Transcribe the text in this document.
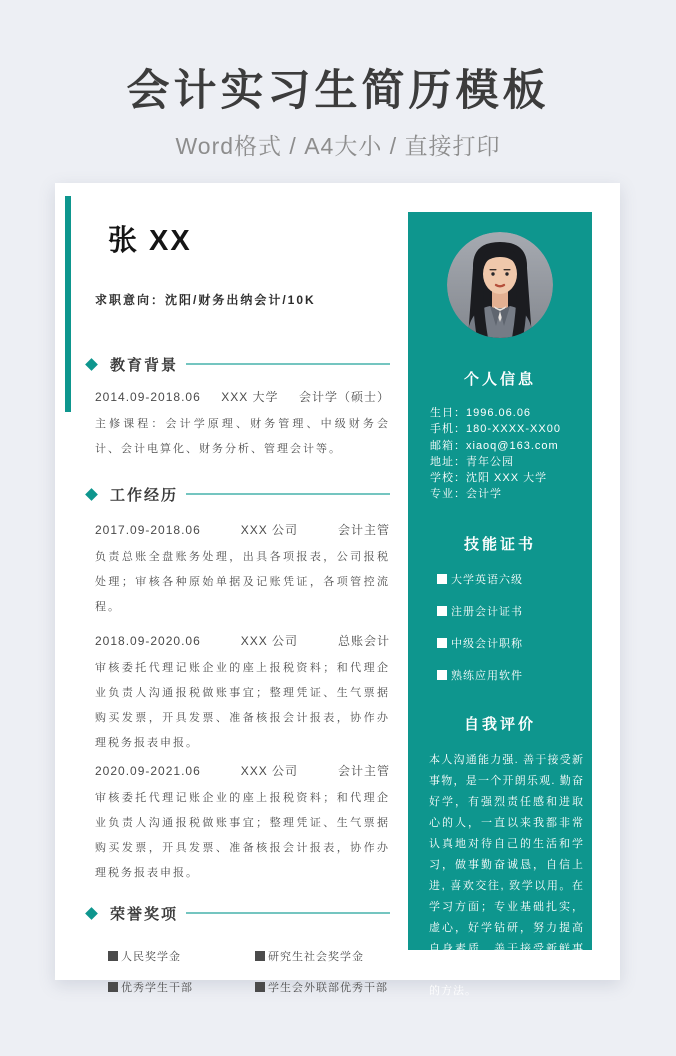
会计实习生简历模板
Word格式 / A4大小 / 直接打印
张 XX

求职意向：沈阳/财务出纳会计/10K

教育背景
2014.09-2018.06 XXX 大学 会计学（硕士）

主修课程：会计学原理、财务管理、中级财务会计、会计电算化、财务分析、管理会计等。

工作经历
2017.09-2018.06	XXX 公司	会计主管

负责总账全盘账务处理，出具各项报表，公司报税处理；审核各种原始单据及记账凭证，各项管控流程。

2018.09-2020.06	XXX 公司	总账会计

审核委托代理记账企业的座上报税资料；和代理企业负责人沟通报税做账事宜；整理凭证、生气票据购买发票，开具发票、准备核报会计报表，协作办理税务报表申报。

2020.09-2021.06	XXX 公司	会计主管

审核委托代理记账企业的座上报税资料；和代理企业负责人沟通报税做账事宜；整理凭证、生气票据购买发票，开具发票、准备核报会计报表，协作办理税务报表申报。

荣誉奖项
人民奖学金	研究生社会奖学金
优秀学生干部	学生会外联部优秀干部
个人信息
生日：1996.06.06
手机：180-XXXX-XX00
邮箱：xiaoq@163.com
地址：青年公园
学校：沈阳 XXX 大学
专业：会计学
技能证书
大学英语六级
注册会计证书
中级会计职称
熟练应用软件
自我评价

本人沟通能力强. 善于接受新事物，是一个开朗乐观. 勤奋好学，有强烈责任感和进取心的人，一直以来我都非常认真地对待自己的生活和学习，做事勤奋诚恳，自信上进, 喜欢交往, 致学以用。在学习方面；专业基础扎实，虚心，好学钻研，努力提高自身素质，善于接受新鲜事物，善于学习新兴技术和新的方法。
